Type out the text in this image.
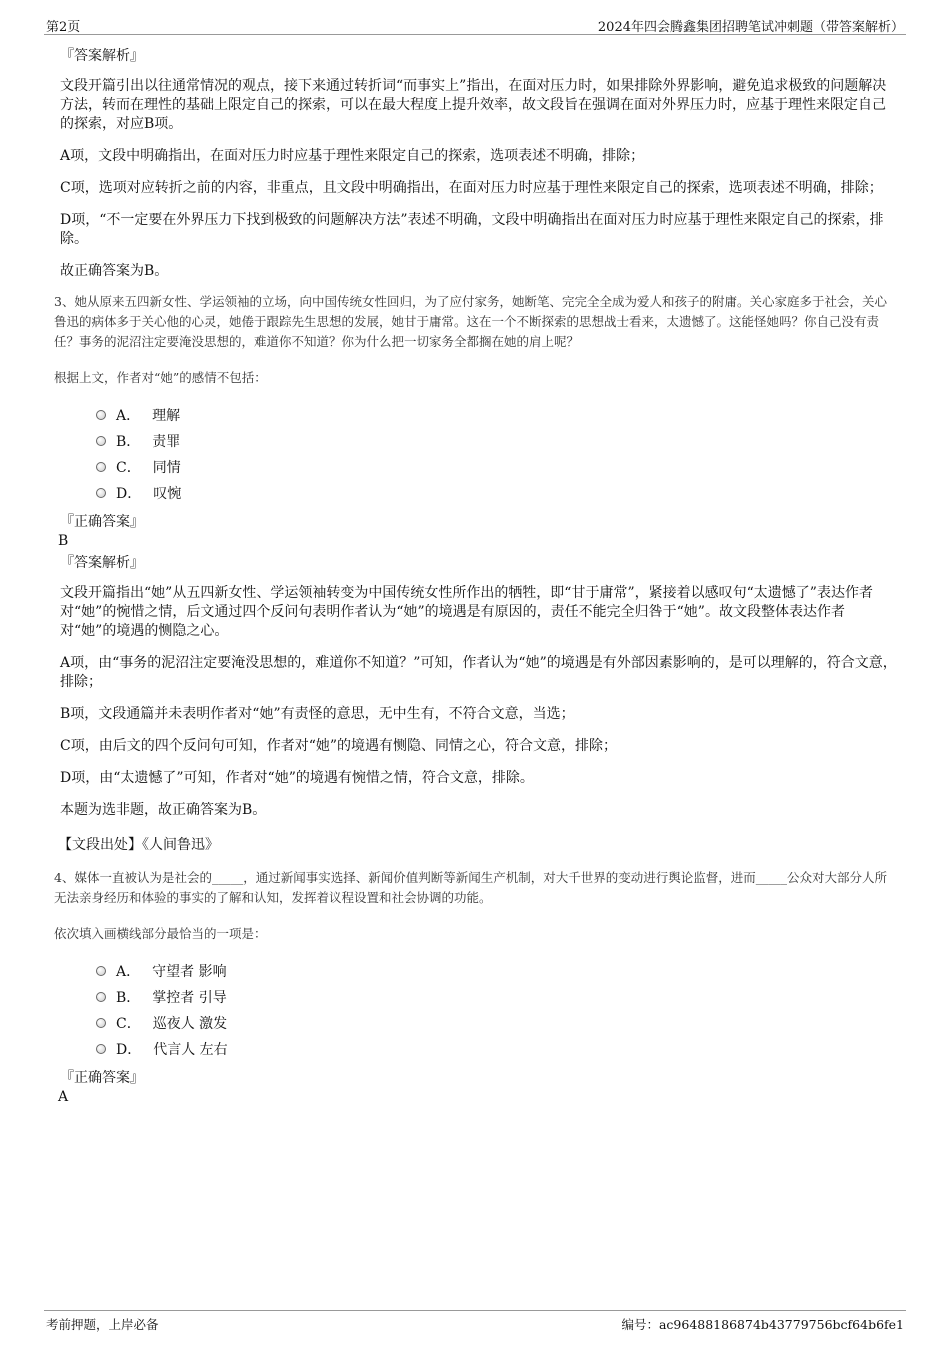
第2页	2024年四会腾鑫集团招聘笔试冲刺题（带答案解析）
『答案解析』

文段开篇引出以往通常情况的观点，接下来通过转折词“而事实上”指出，在面对压力时，如果排除外界影响，避免追求极致的问题解决方法，转而在理性的基础上限定自己的探索，可以在最大程度上提升效率，故文段旨在强调在面对外界压力时，应基于理性来限定自己的探索，对应B项。

A项，文段中明确指出，在面对压力时应基于理性来限定自己的探索，选项表述不明确，排除；

C项，选项对应转折之前的内容，非重点，且文段中明确指出，在面对压力时应基于理性来限定自己的探索，选项表述不明确，排除；

D项，“不一定要在外界压力下找到极致的问题解决方法”表述不明确，文段中明确指出在面对压力时应基于理性来限定自己的探索，排除。

故正确答案为B。

3、她从原来五四新女性、学运领袖的立场，向中国传统女性回归，为了应付家务，她断笔、完完全全成为爱人和孩子的附庸。关心家庭多于社会，关心鲁迅的病体多于关心他的心灵，她倦于跟踪先生思想的发展，她甘于庸常。这在一个不断探索的思想战士看来，太遗憾了。这能怪她吗？你自己没有责任？事务的泥沼注定要淹没思想的，难道你不知道？你为什么把一切家务全都搁在她的肩上呢？
根据上文，作者对“她”的感情不包括：
A． 理解
B． 责罪
C． 同情
D． 叹惋
『正确答案』
B
『答案解析』

文段开篇指出“她”从五四新女性、学运领袖转变为中国传统女性所作出的牺牲，即“甘于庸常”，紧接着以感叹句“太遗憾了”表达作者对“她”的惋惜之情，后文通过四个反问句表明作者认为“她”的境遇是有原因的，责任不能完全归咎于“她”。故文段整体表达作者对“她”的境遇的恻隐之心。

A项，由“事务的泥沼注定要淹没思想的，难道你不知道？”可知，作者认为“她”的境遇是有外部因素影响的，是可以理解的，符合文意，排除；

B项，文段通篇并未表明作者对“她”有责怪的意思，无中生有，不符合文意，当选；

C项，由后文的四个反问句可知，作者对“她”的境遇有恻隐、同情之心，符合文意，排除；

D项，由“太遗憾了”可知，作者对“她”的境遇有惋惜之情，符合文意，排除。

本题为选非题，故正确答案为B。

【文段出处】《人间鲁迅》
4、媒体一直被认为是社会的_____，通过新闻事实选择、新闻价值判断等新闻生产机制，对大千世界的变动进行舆论监督，进而_____公众对大部分人所无法亲身经历和体验的事实的了解和认知，发挥着议程设置和社会协调的功能。
依次填入画横线部分最恰当的一项是：
A． 守望者 影响
B． 掌控者 引导
C． 巡夜人 激发
D． 代言人 左右
『正确答案』
A
考前押题，上岸必备	编号：ac96488186874b43779756bcf64b6fe1
